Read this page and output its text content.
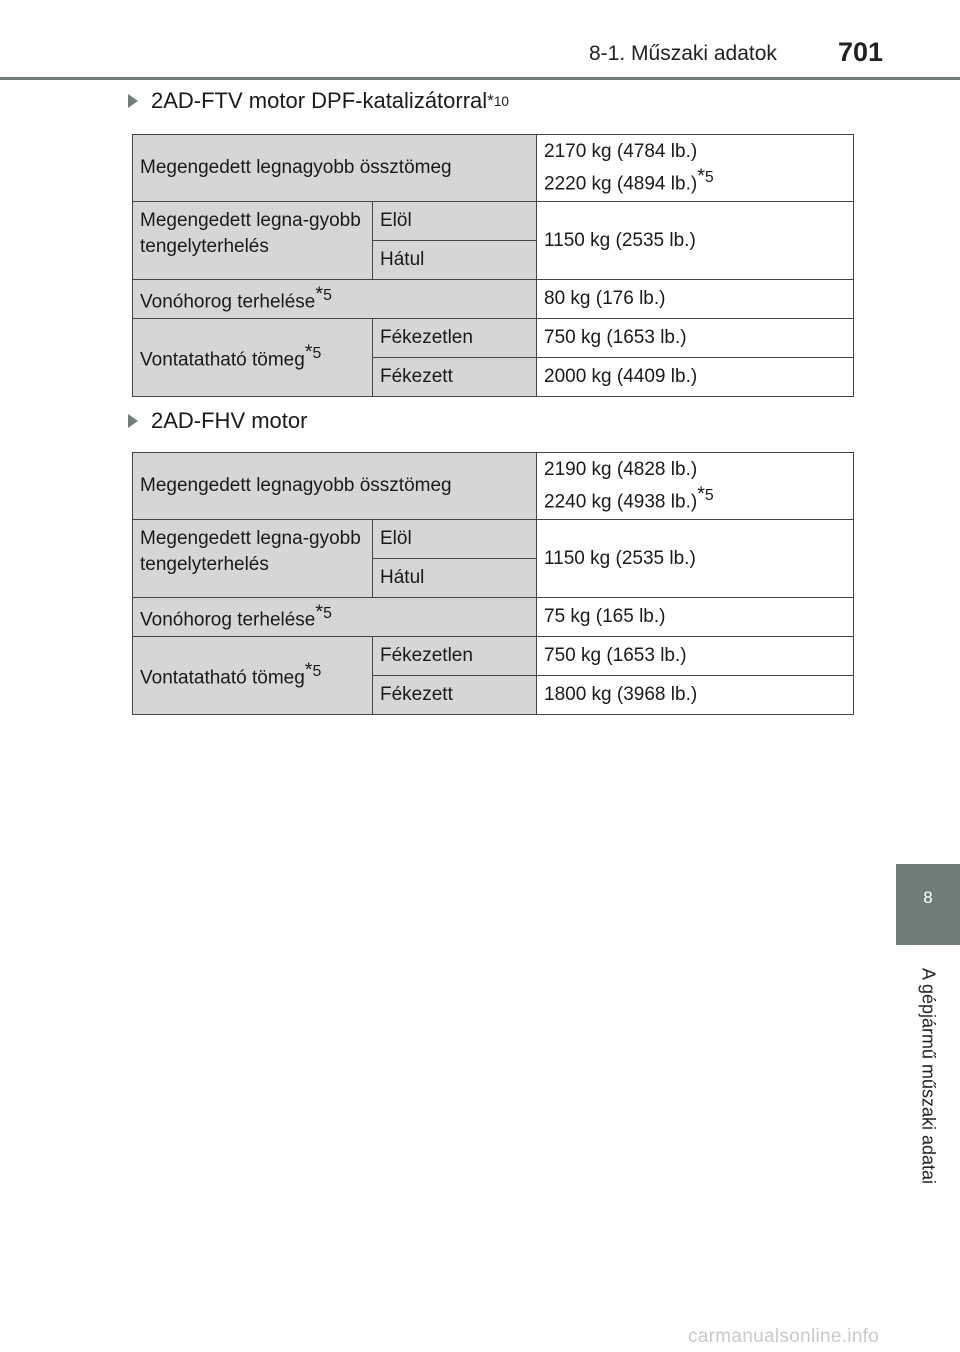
8-1. Műszaki adatok 701
2AD-FTV motor DPF-katalizátorral *10
Megengedett legnagyobb össztömeg		2170 kg (4784 lb.)
2220 kg (4894 lb.)$^{*5}$

Megengedett legna-gyobb tengelyterhelés	Elöl	1150 kg (2535 lb.)
	Hátul	
Vonóhorog terhelése$^{*5}$		80 kg (176 lb.)
Vontatatható tömeg$^{*5}$	Fékezetlen	750 kg (1653 lb.)
	Fékezett	2000 kg (4409 lb.)
2AD-FHV motor
Megengedett legnagyobb össztömeg		2190 kg (4828 lb.)
2240 kg (4938 lb.)$^{*5}$

Megengedett legna-gyobb tengelyterhelés	Elöl	1150 kg (2535 lb.)
	Hátul	
Vonóhorog terhelése$^{*5}$		75 kg (165 lb.)
Vontatatható tömeg$^{*5}$	Fékezetlen	750 kg (1653 lb.)
	Fékezett	1800 kg (3968 lb.)
8
A gépjármű műszaki adatai
carmanualsonline.info
